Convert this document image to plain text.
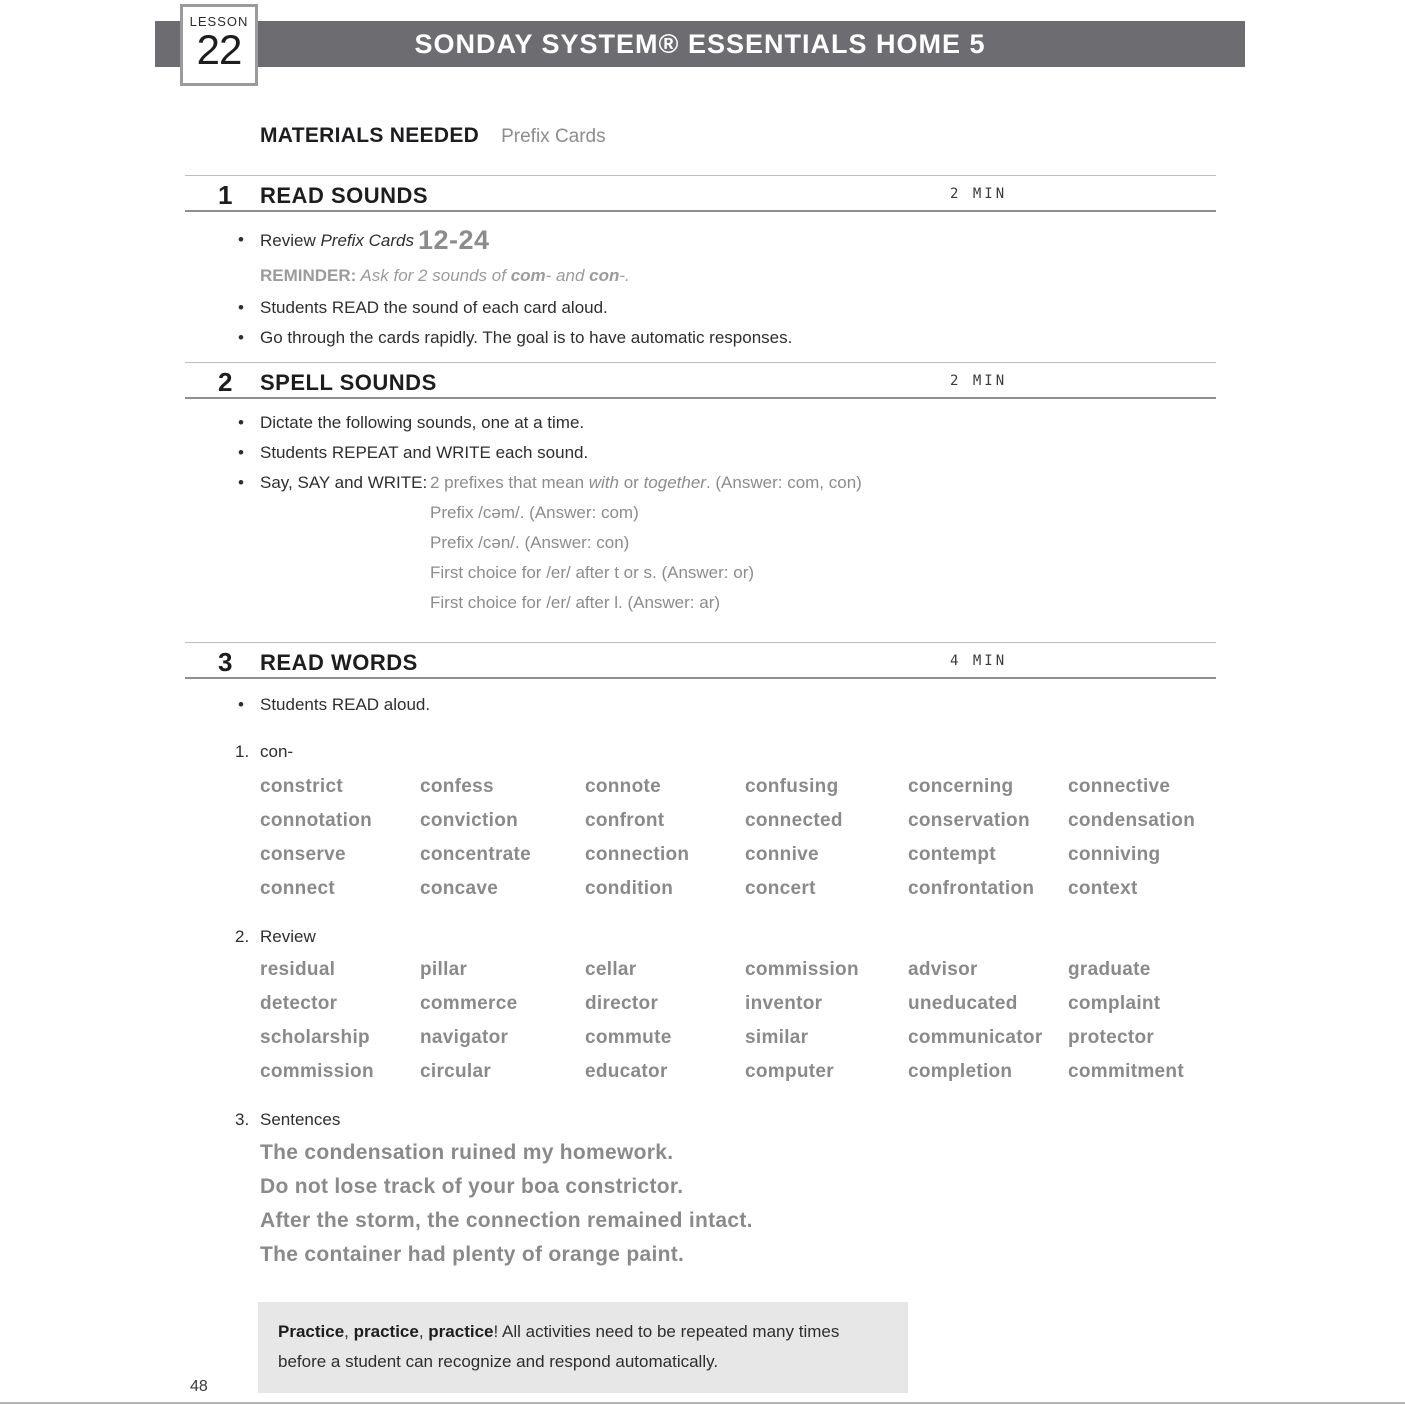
SONDAY SYSTEM® ESSENTIALS HOME 5
LESSON
22
MATERIALS NEEDED Prefix Cards
1 READ SOUNDS	2 MIN
• Review Prefix Cards 12-24
REMINDER: Ask for 2 sounds of com- and con-.
• Students READ the sound of each card aloud.
• Go through the cards rapidly. The goal is to have automatic responses.
2 SPELL SOUNDS	2 MIN
• Dictate the following sounds, one at a time.
• Students REPEAT and WRITE each sound.
• Say, SAY and WRITE: 2 prefixes that mean with or together. (Answer: com, con)
Prefix /cəm/. (Answer: com)
Prefix /cən/. (Answer: con)
First choice for /er/ after t or s. (Answer: or)
First choice for /er/ after l. (Answer: ar)
3 READ WORDS	4 MIN
• Students READ aloud.
1. con-
constrict	confess	connote	confusing	concerning	connective
connotation	conviction	confront	connected	conservation	condensation
conserve	concentrate	connection	connive	contempt	conniving
connect	concave	condition	concert	confrontation	context
2. Review
residual	pillar	cellar	commission	advisor	graduate
detector	commerce	director	inventor	uneducated	complaint
scholarship	navigator	commute	similar	communicator	protector
commission	circular	educator	computer	completion	commitment
3. Sentences
The condensation ruined my homework.
Do not lose track of your boa constrictor.
After the storm, the connection remained intact.
The container had plenty of orange paint.
Practice, practice, practice! All activities need to be repeated many times before a student can recognize and respond automatically.
48
